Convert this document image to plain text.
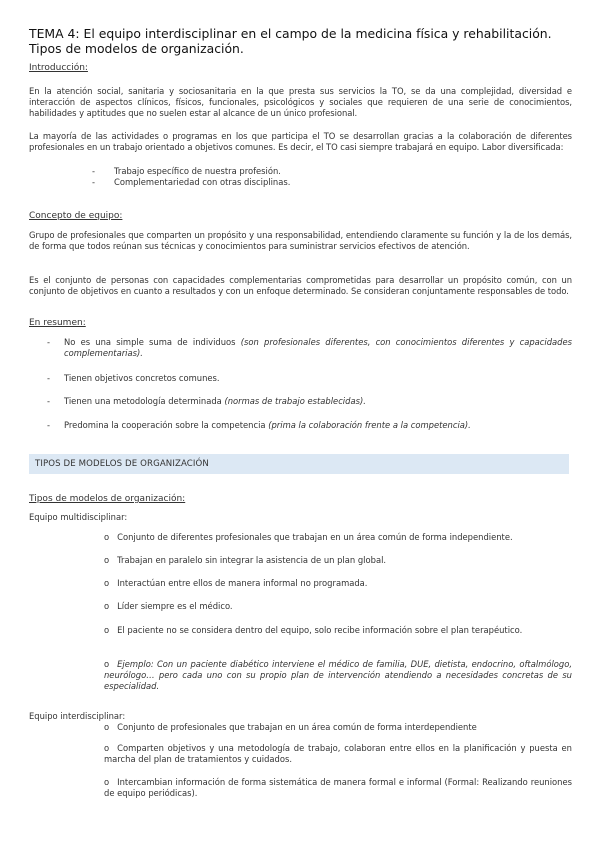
TEMA 4: El equipo interdisciplinar en el campo de la medicina física y rehabilitación. Tipos de modelos de organización.
Introducción:
En la atención social, sanitaria y sociosanitaria en la que presta sus servicios la TO, se da una complejidad, diversidad e interacción de aspectos clínicos, físicos, funcionales, psicológicos y sociales que requieren de una serie de conocimientos, habilidades y aptitudes que no suelen estar al alcance de un único profesional.
La mayoría de las actividades o programas en los que participa el TO se desarrollan gracias a la colaboración de diferentes profesionales en un trabajo orientado a objetivos comunes. Es decir, el TO casi siempre trabajará en equipo. Labor diversificada:
- Trabajo específico de nuestra profesión.
- Complementariedad con otras disciplinas.
Concepto de equipo:
Grupo de profesionales que comparten un propósito y una responsabilidad, entendiendo claramente su función y la de los demás, de forma que todos reúnan sus técnicas y conocimientos para suministrar servicios efectivos de atención.
Es el conjunto de personas con capacidades complementarias comprometidas para desarrollar un propósito común, con un conjunto de objetivos en cuanto a resultados y con un enfoque determinado. Se consideran conjuntamente responsables de todo.
En resumen:
-	No es una simple suma de individuos (son profesionales diferentes, con conocimientos diferentes y capacidades complementarias).
-	Tienen objetivos concretos comunes.
-	Tienen una metodología determinada (normas de trabajo establecidas).
-	Predomina la cooperación sobre la competencia (prima la colaboración frente a la competencia).
TIPOS DE MODELOS DE ORGANIZACIÓN
Tipos de modelos de organización:
Equipo multidisciplinar:
o Conjunto de diferentes profesionales que trabajan en un área común de forma independiente.
o Trabajan en paralelo sin integrar la asistencia de un plan global.
o Interactúan entre ellos de manera informal no programada.
o Líder siempre es el médico.
o El paciente no se considera dentro del equipo, solo recibe información sobre el plan terapéutico.
o Ejemplo: Con un paciente diabético interviene el médico de familia, DUE, dietista, endocrino, oftalmólogo, neurólogo… pero cada uno con su propio plan de intervención atendiendo a necesidades concretas de su especialidad.
Equipo interdisciplinar:
o Conjunto de profesionales que trabajan en un área común de forma interdependiente
o Comparten objetivos y una metodología de trabajo, colaboran entre ellos en la planificación y puesta en marcha del plan de tratamientos y cuidados.
o Intercambian información de forma sistemática de manera formal e informal (Formal: Realizando reuniones de equipo periódicas).
